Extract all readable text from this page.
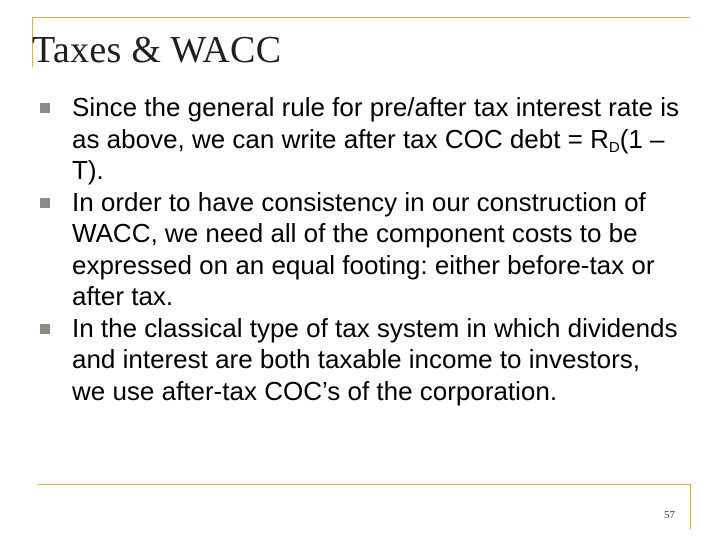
Taxes & WACC
Since the general rule for pre/after tax interest rate is as above, we can write after tax COC debt = $R_D(1 - T)$.
In order to have consistency in our construction of WACC, we need all of the component costs to be expressed on an equal footing: either before-tax or after tax.
In the classical type of tax system in which dividends and interest are both taxable income to investors, we use after-tax COC’s of the corporation.
57
